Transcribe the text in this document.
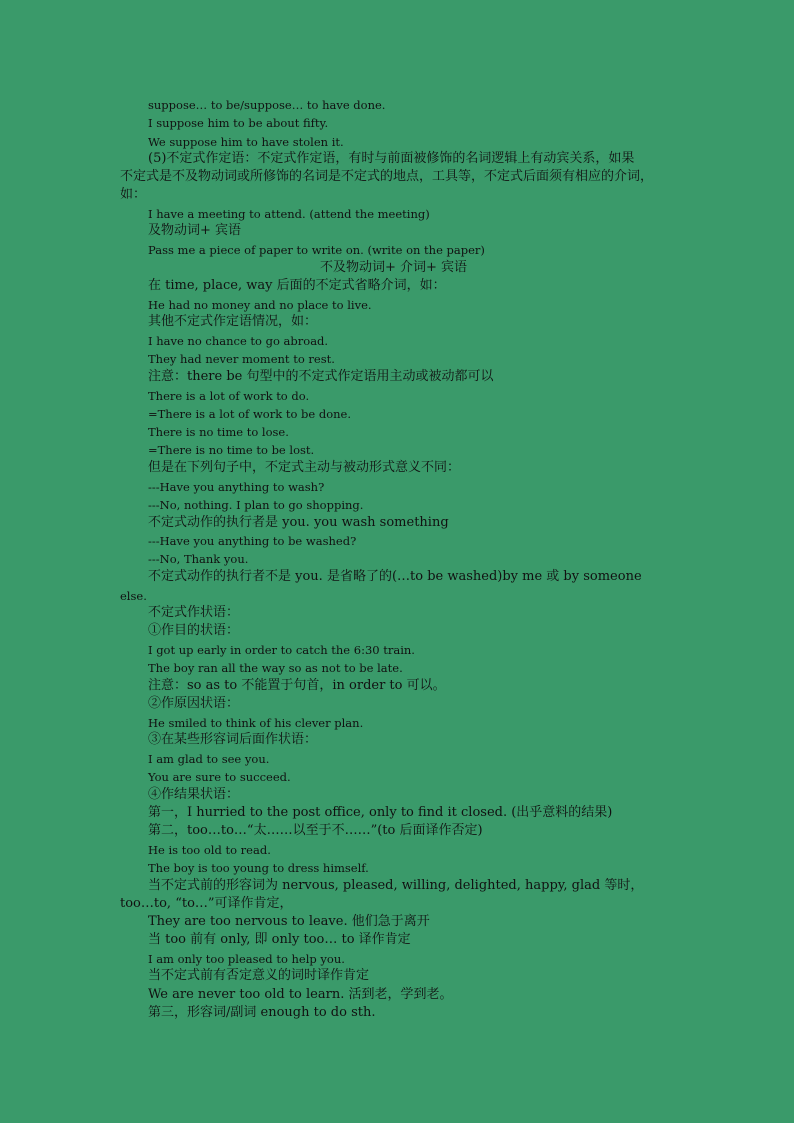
suppose… to be/suppose… to have done.
I suppose him to be about fifty.
We suppose him to have stolen it.
(5)不定式作定语：不定式作定语，有时与前面被修饰的名词逻辑上有动宾关系，如果
不定式是不及物动词或所修饰的名词是不定式的地点，工具等，不定式后面须有相应的介词，
如：
I have a meeting to attend. (attend the meeting)
及物动词+ 宾语
Pass me a piece of paper to write on. (write on the paper)
不及物动词+ 介词+ 宾语
在 time, place, way 后面的不定式省略介词，如：
He had no money and no place to live.
其他不定式作定语情况，如：
I have no chance to go abroad.
They had never moment to rest.
注意：there be 句型中的不定式作定语用主动或被动都可以
There is a lot of work to do.
=There is a lot of work to be done.
There is no time to lose.
=There is no time to be lost.
但是在下列句子中，不定式主动与被动形式意义不同：
---Have you anything to wash?
---No, nothing. I plan to go shopping.
不定式动作的执行者是 you. you wash something
---Have you anything to be washed?
---No, Thank you.
不定式动作的执行者不是 you. 是省略了的(…to be washed)by me 或 by someone
else.
不定式作状语：
①作目的状语：
I got up early in order to catch the 6:30 train.
The boy ran all the way so as not to be late.
注意：so as to 不能置于句首，in order to 可以。
②作原因状语：
He smiled to think of his clever plan.
③在某些形容词后面作状语：
I am glad to see you.
You are sure to succeed.
④作结果状语：
第一，I hurried to the post office, only to find it closed. (出乎意料的结果)
第二，too…to…“太……以至于不……”(to 后面译作否定)
He is too old to read.
The boy is too young to dress himself.
当不定式前的形容词为 nervous, pleased, willing, delighted, happy, glad 等时，
too…to, “to…”可译作肯定，
They are too nervous to leave. 他们急于离开
当 too 前有 only, 即 only too… to 译作肯定
I am only too pleased to help you.
当不定式前有否定意义的词时译作肯定
We are never too old to learn. 活到老，学到老。
第三，形容词/副词 enough to do sth.
